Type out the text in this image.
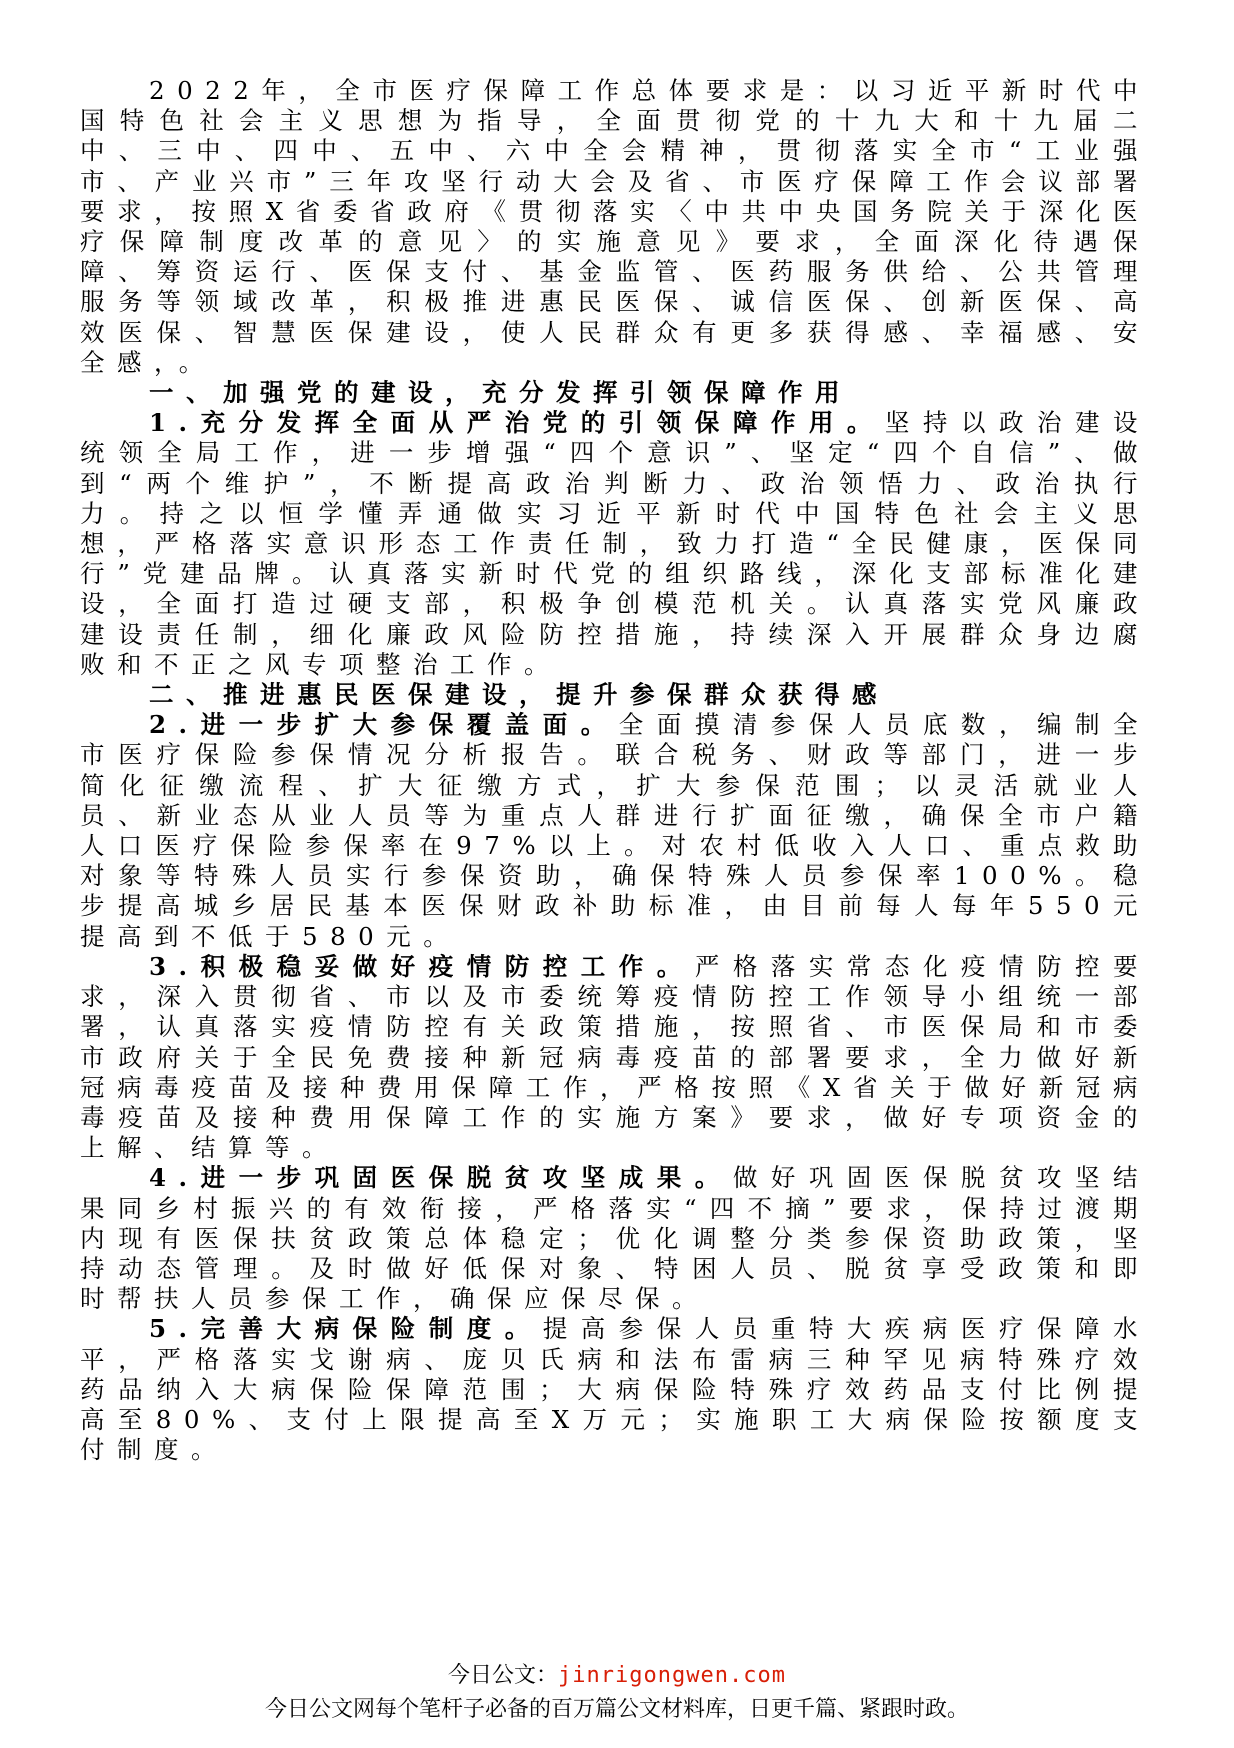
2022年，全市医疗保障工作总体要求是：以习近平新时代中国特色社会主义思想为指导，全面贯彻党的十九大和十九届二中、三中、四中、五中、六中全会精神，贯彻落实全市“工业强市、产业兴市”三年攻坚行动大会及省、市医疗保障工作会议部署要求，按照X省委省政府《贯彻落实〈中共中央国务院关于深化医疗保障制度改革的意见〉的实施意见》要求，全面深化待遇保障、筹资运行、医保支付、基金监管、医药服务供给、公共管理服务等领域改革，积极推进惠民医保、诚信医保、创新医保、高效医保、智慧医保建设，使人民群众有更多获得感、幸福感、安全感，。

一、加强党的建设，充分发挥引领保障作用

1.充分发挥全面从严治党的引领保障作用。坚持以政治建设统领全局工作，进一步增强“四个意识”、坚定“四个自信”、做到“两个维护”，不断提高政治判断力、政治领悟力、政治执行力。持之以恒学懂弄通做实习近平新时代中国特色社会主义思想，严格落实意识形态工作责任制，致力打造“全民健康，医保同行”党建品牌。认真落实新时代党的组织路线，深化支部标准化建设，全面打造过硬支部，积极争创模范机关。认真落实党风廉政建设责任制，细化廉政风险防控措施，持续深入开展群众身边腐败和不正之风专项整治工作。

二、推进惠民医保建设，提升参保群众获得感

2.进一步扩大参保覆盖面。全面摸清参保人员底数，编制全市医疗保险参保情况分析报告。联合税务、财政等部门，进一步简化征缴流程、扩大征缴方式，扩大参保范围；以灵活就业人员、新业态从业人员等为重点人群进行扩面征缴，确保全市户籍人口医疗保险参保率在97%以上。对农村低收入人口、重点救助对象等特殊人员实行参保资助，确保特殊人员参保率100%。稳步提高城乡居民基本医保财政补助标准，由目前每人每年550元提高到不低于580元。

3.积极稳妥做好疫情防控工作。严格落实常态化疫情防控要求，深入贯彻省、市以及市委统筹疫情防控工作领导小组统一部署，认真落实疫情防控有关政策措施，按照省、市医保局和市委市政府关于全民免费接种新冠病毒疫苗的部署要求，全力做好新冠病毒疫苗及接种费用保障工作，严格按照《X省关于做好新冠病毒疫苗及接种费用保障工作的实施方案》要求，做好专项资金的上解、结算等。

4.进一步巩固医保脱贫攻坚成果。做好巩固医保脱贫攻坚结果同乡村振兴的有效衔接，严格落实“四不摘”要求，保持过渡期内现有医保扶贫政策总体稳定；优化调整分类参保资助政策，坚持动态管理。及时做好低保对象、特困人员、脱贫享受政策和即时帮扶人员参保工作，确保应保尽保。

5.完善大病保险制度。提高参保人员重特大疾病医疗保障水平，严格落实戈谢病、庞贝氏病和法布雷病三种罕见病特殊疗效药品纳入大病保险保障范围；大病保险特殊疗效药品支付比例提高至80%、支付上限提高至X万元；实施职工大病保险按额度支付制度。

今日公文：jinrigongwen.com
今日公文网每个笔杆子必备的百万篇公文材料库，日更千篇、紧跟时政。
